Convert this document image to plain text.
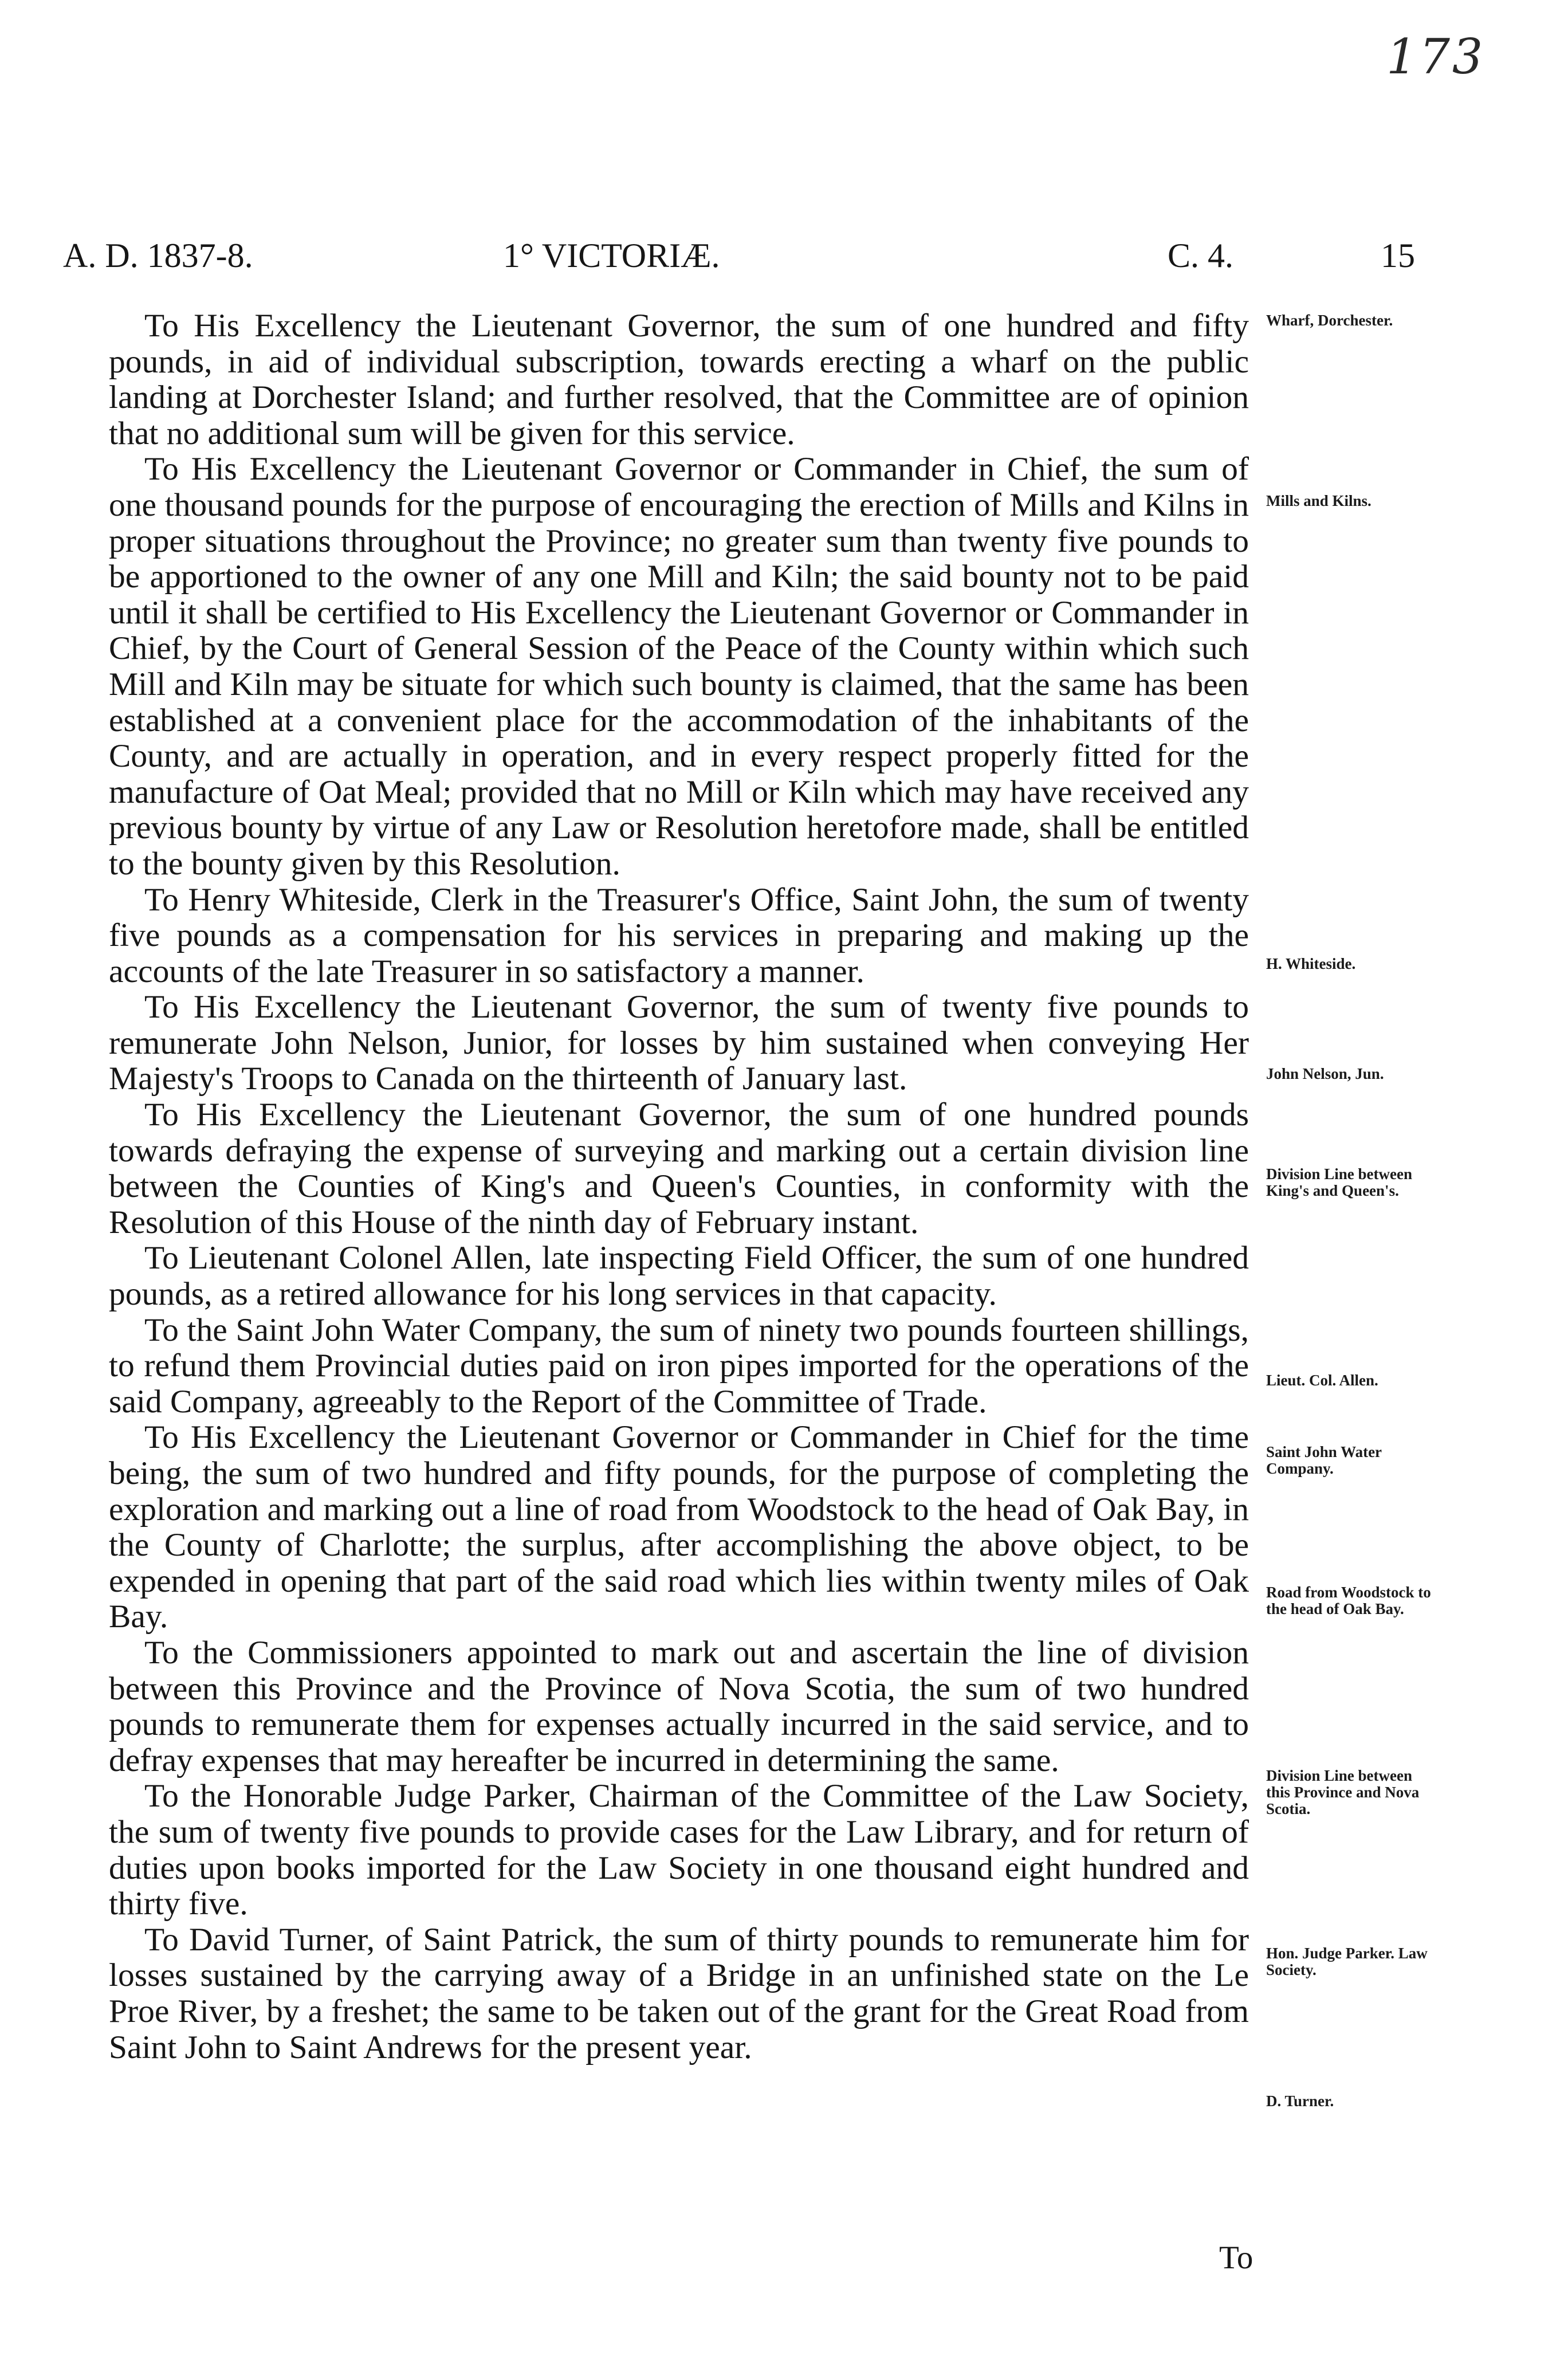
173
A. D. 1837-8.	1° VICTORIÆ.	C. 4.	15

To His Excellency the Lieutenant Governor, the sum of one hundred and fifty pounds, in aid of individual subscription, towards erecting a wharf on the public landing at Dorchester Island; and further resolved, that the Committee are of opinion that no additional sum will be given for this service.

To His Excellency the Lieutenant Governor or Commander in Chief, the sum of one thousand pounds for the purpose of encouraging the erection of Mills and Kilns in proper situations throughout the Province; no greater sum than twenty five pounds to be apportioned to the owner of any one Mill and Kiln; the said bounty not to be paid until it shall be certified to His Excellency the Lieutenant Governor or Commander in Chief, by the Court of General Session of the Peace of the County within which such Mill and Kiln may be situate for which such bounty is claimed, that the same has been established at a convenient place for the accommodation of the inhabitants of the County, and are actually in operation, and in every respect properly fitted for the manufacture of Oat Meal; provided that no Mill or Kiln which may have received any previous bounty by virtue of any Law or Resolution heretofore made, shall be entitled to the bounty given by this Resolution.

To Henry Whiteside, Clerk in the Treasurer's Office, Saint John, the sum of twenty five pounds as a compensation for his services in preparing and making up the accounts of the late Treasurer in so satisfactory a manner.

To His Excellency the Lieutenant Governor, the sum of twenty five pounds to remunerate John Nelson, Junior, for losses by him sustained when conveying Her Majesty's Troops to Canada on the thirteenth of January last.

To His Excellency the Lieutenant Governor, the sum of one hundred pounds towards defraying the expense of surveying and marking out a certain division line between the Counties of King's and Queen's Counties, in conformity with the Resolution of this House of the ninth day of February instant.

To Lieutenant Colonel Allen, late inspecting Field Officer, the sum of one hundred pounds, as a retired allowance for his long services in that capacity.

To the Saint John Water Company, the sum of ninety two pounds fourteen shillings, to refund them Provincial duties paid on iron pipes imported for the operations of the said Company, agreeably to the Report of the Committee of Trade.

To His Excellency the Lieutenant Governor or Commander in Chief for the time being, the sum of two hundred and fifty pounds, for the purpose of completing the exploration and marking out a line of road from Woodstock to the head of Oak Bay, in the County of Charlotte; the surplus, after accomplishing the above object, to be expended in opening that part of the said road which lies within twenty miles of Oak Bay.

To the Commissioners appointed to mark out and ascertain the line of division between this Province and the Province of Nova Scotia, the sum of two hundred pounds to remunerate them for expenses actually incurred in the said service, and to defray expenses that may hereafter be incurred in determining the same.

To the Honorable Judge Parker, Chairman of the Committee of the Law Society, the sum of twenty five pounds to provide cases for the Law Library, and for return of duties upon books imported for the Law Society in one thousand eight hundred and thirty five.

To David Turner, of Saint Patrick, the sum of thirty pounds to remunerate him for losses sustained by the carrying away of a Bridge in an unfinished state on the Le Proe River, by a freshet; the same to be taken out of the grant for the Great Road from Saint John to Saint Andrews for the present year.

Wharf, Dorchester.
Mills and Kilns.
H. Whiteside.
John Nelson, Jun.
Division Line between King's and Queen's.
Lieut. Col. Allen.
Saint John Water Company.
Road from Woodstock to the head of Oak Bay.
Division Line between this Province and Nova Scotia.
Hon. Judge Parker. Law Society.
D. Turner.
To
